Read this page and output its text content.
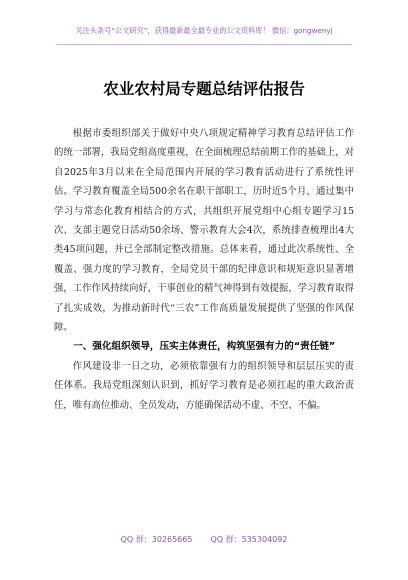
关注头条号“公文研究”，获得最新最全最专业的公文资料库！ 微信：gongwenyj
农业农村局专题总结评估报告

根据市委组织部关于做好中央八项规定精神学习教育总结评估工作的统一部署，我局党组高度重视，在全面梳理总结前期工作的基础上，对自2025年3月以来在全局范围内开展的学习教育活动进行了系统性评估。学习教育覆盖全局500余名在职干部职工，历时近5个月，通过集中学习与常态化教育相结合的方式，共组织开展党组中心组专题学习15次、支部主题党日活动50余场、警示教育大会4次，系统排查梳理出4大类45项问题，并已全部制定整改措施。总体来看，通过此次系统性、全覆盖、强力度的学习教育，全局党员干部的纪律意识和规矩意识显著增强，工作作风持续向好，干事创业的精气神得到有效提振，学习教育取得了扎实成效，为推动新时代“三农”工作高质量发展提供了坚强的作风保障。

一、强化组织领导，压实主体责任，构筑坚强有力的“责任链”

作风建设非一日之功，必须依靠强有力的组织领导和层层压实的责任体系。我局党组深刻认识到，抓好学习教育是必须扛起的重大政治责任，唯有高位推动、全员发动，方能确保活动不虚、不空、不偏。

QQ 群：30265665 QQ 群：535304092
